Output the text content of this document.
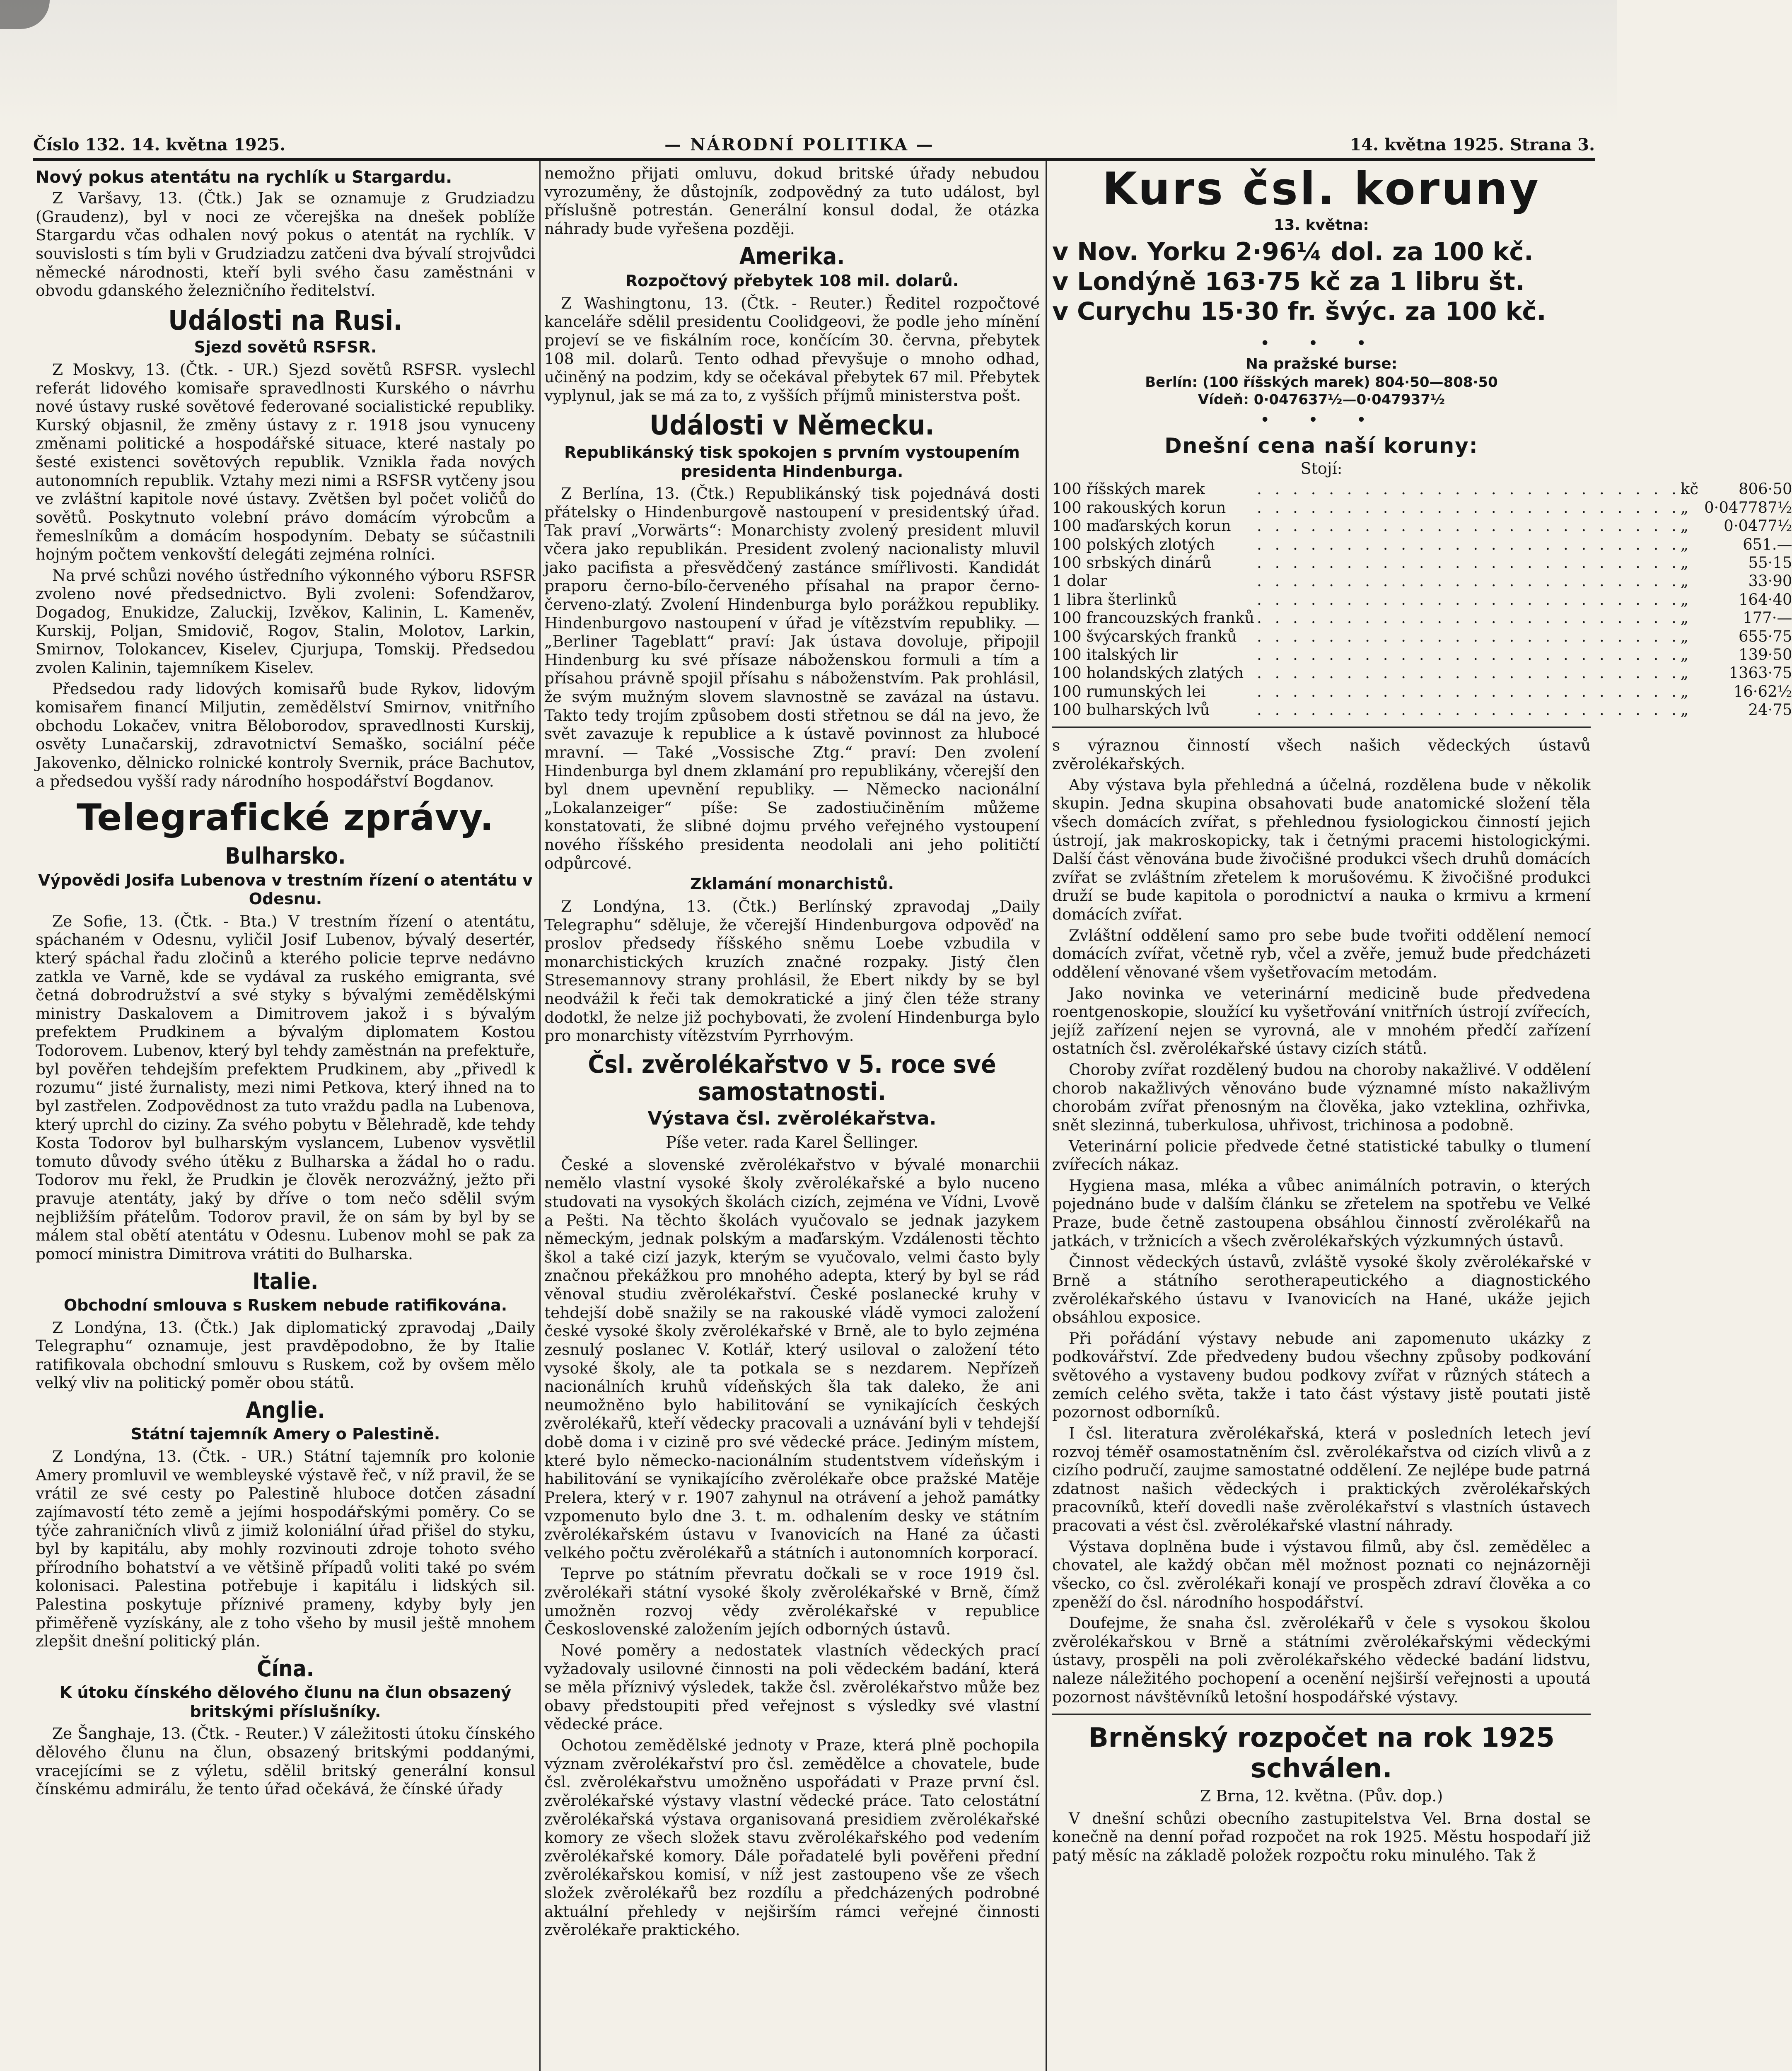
Číslo 132. 14. května 1925.	— NÁRODNÍ POLITIKA —	14. května 1925. Strana 3.
Nový pokus atentátu na rychlík u Stargardu.

Z Varšavy, 13. (Čtk.) Jak se oznamuje z Grudziadzu (Graudenz), byl v noci ze včerejška na dnešek poblíže Stargardu včas odhalen nový pokus o atentát na rychlík. V souvislosti s tím byli v Grudziadzu zatčeni dva bývalí strojvůdci německé národnosti, kteří byli svého času zaměstnáni v obvodu gdanského železničního ředitelství.

Události na Rusi.
Sjezd sovětů RSFSR.

Z Moskvy, 13. (Čtk. - UR.) Sjezd sovětů RSFSR. vyslechl referát lidového komisaře spravedlnosti Kurského o návrhu nové ústavy ruské sovětové federované socialistické republiky. Kurský objasnil, že změny ústavy z r. 1918 jsou vynuceny změnami politické a hospodářské situace, které nastaly po šesté existenci sovětových republik. Vznikla řada nových autonomních republik. Vztahy mezi nimi a RSFSR vytčeny jsou ve zvláštní kapitole nové ústavy. Zvětšen byl počet voličů do sovětů. Poskytnuto volební právo domácím výrobcům a řemeslníkům a domácím hospodyním. Debaty se súčastnili hojným počtem venkovští delegáti zejména rolníci.

Na prvé schůzi nového ústředního výkonného výboru RSFSR zvoleno nové předsednictvo. Byli zvoleni: Sofendžarov, Dogadog, Enukidze, Zaluckij, Izvěkov, Kalinin, L. Kameněv, Kurskij, Poljan, Smidovič, Rogov, Stalin, Molotov, Larkin, Smirnov, Tolokancev, Kiselev, Cjurjupa, Tomskij. Předsedou zvolen Kalinin, tajemníkem Kiselev.

Předsedou rady lidových komisařů bude Rykov, lidovým komisařem financí Miljutin, zemědělství Smirnov, vnitřního obchodu Lokačev, vnitra Běloborodov, spravedlnosti Kurskij, osvěty Lunačarskij, zdravotnictví Semaško, sociální péče Jakovenko, dělnicko rolnické kontroly Svernik, práce Bachutov, a předsedou vyšší rady národního hospodářství Bogdanov.

Telegrafické zprávy.
Bulharsko.
Výpovědi Josifa Lubenova v trestním řízení o atentátu v Odesnu.

Ze Sofie, 13. (Čtk. - Bta.) V trestním řízení o atentátu, spáchaném v Odesnu, vyličil Josif Lubenov, bývalý desertér, který spáchal řadu zločinů a kterého policie teprve nedávno zatkla ve Varně, kde se vydával za ruského emigranta, své četná dobrodružství a své styky s bývalými zemědělskými ministry Daskalovem a Dimitrovem jakož i s bývalým prefektem Prudkinem a bývalým diplomatem Kostou Todorovem. Lubenov, který byl tehdy zaměstnán na prefektuře, byl pověřen tehdejším prefektem Prudkinem, aby „přivedl k rozumu“ jisté žurnalisty, mezi nimi Petkova, který ihned na to byl zastřelen. Zodpovědnost za tuto vraždu padla na Lubenova, který uprchl do ciziny. Za svého pobytu v Bělehradě, kde tehdy Kosta Todorov byl bulharským vyslancem, Lubenov vysvětlil tomuto důvody svého útěku z Bulharska a žádal ho o radu. Todorov mu řekl, že Prudkin je člověk nerozvážný, ježto při pravuje atentáty, jaký by dříve o tom nečo sdělil svým nejbližším přátelům. Todorov pravil, že on sám by byl by se málem stal obětí atentátu v Odesnu. Lubenov mohl se pak za pomocí ministra Dimitrova vrátiti do Bulharska.

Italie.
Obchodní smlouva s Ruskem nebude ratifikována.

Z Londýna, 13. (Čtk.) Jak diplomatický zpravodaj „Daily Telegraphu“ oznamuje, jest pravděpodobno, že by Italie ratifikovala obchodní smlouvu s Ruskem, což by ovšem mělo velký vliv na politický poměr obou států.

Anglie.
Státní tajemník Amery o Palestině.

Z Londýna, 13. (Čtk. - UR.) Státní tajemník pro kolonie Amery promluvil ve wembleyské výstavě řeč, v níž pravil, že se vrátil ze své cesty po Palestině hluboce dotčen zásadní zajímavostí této země a jejími hospodářskými poměry. Co se týče zahraničních vlivů z jimiž koloniální úřad přišel do styku, byl by kapitálu, aby mohly rozvinouti zdroje tohoto svého přírodního bohatství a ve většině případů voliti také po svém kolonisaci. Palestina potřebuje i kapitálu i lidských sil. Palestina poskytuje příznivé prameny, kdyby byly jen přiměřeně vyzískány, ale z toho všeho by musil ještě mnohem zlepšit dnešní politický plán.

Čína.
K útoku čínského dělového člunu na člun obsazený britskými příslušníky.

Ze Šanghaje, 13. (Čtk. - Reuter.) V záležitosti útoku čínského dělového člunu na člun, obsazený britskými poddanými, vracejícími se z výletu, sdělil britský generální konsul čínskému admirálu, že tento úřad očekává, že čínské úřady

nemožno přijati omluvu, dokud britské úřady nebudou vyrozuměny, že důstojník, zodpovědný za tuto událost, byl příslušně potrestán. Generální konsul dodal, že otázka náhrady bude vyřešena později.

Amerika.
Rozpočtový přebytek 108 mil. dolarů.

Z Washingtonu, 13. (Čtk. - Reuter.) Ředitel rozpočtové kanceláře sdělil presidentu Coolidgeovi, že podle jeho mínění projeví se ve fiskálním roce, končícím 30. června, přebytek 108 mil. dolarů. Tento odhad převyšuje o mnoho odhad, učiněný na podzim, kdy se očekával přebytek 67 mil. Přebytek vyplynul, jak se má za to, z vyšších příjmů ministerstva pošt.

Události v Německu.
Republikánský tisk spokojen s prvním vystoupením presidenta Hindenburga.

Z Berlína, 13. (Čtk.) Republikánský tisk pojednává dosti přátelsky o Hindenburgově nastoupení v presidentský úřad. Tak praví „Vorwärts“: Monarchisty zvolený president mluvil včera jako republikán. President zvolený nacionalisty mluvil jako pacifista a přesvědčený zastánce smířlivosti. Kandidát praporu černo-bílo-červeného přísahal na prapor černo-červeno-zlatý. Zvolení Hindenburga bylo porážkou republiky. Hindenburgovo nastoupení v úřad je vítězstvím republiky. — „Berliner Tageblatt“ praví: Jak ústava dovoluje, připojil Hindenburg ku své přísaze náboženskou formuli a tím a přísahou právně spojil přísahu s náboženstvím. Pak prohlásil, že svým mužným slovem slavnostně se zavázal na ústavu. Takto tedy trojím způsobem dosti střetnou se dál na jevo, že svět zavazuje k republice a k ústavě povinnost za hlubocé mravní. — Také „Vossische Ztg.“ praví: Den zvolení Hindenburga byl dnem zklamání pro republikány, včerejší den byl dnem upevnění republiky. — Německo nacionální „Lokalanzeiger“ píše: Se zadostiučiněním můžeme konstatovati, že slibné dojmu prvého veřejného vystoupení nového říšského presidenta neodolali ani jeho političtí odpůrcové.

Zklamání monarchistů.

Z Londýna, 13. (Čtk.) Berlínský zpravodaj „Daily Telegraphu“ sděluje, že včerejší Hindenburgova odpověď na proslov předsedy říšského sněmu Loebe vzbudila v monarchistických kruzích značné rozpaky. Jistý člen Stresemannovy strany prohlásil, že Ebert nikdy by se byl neodvážil k řeči tak demokratické a jiný člen téže strany dodotkl, že nelze již pochybovati, že zvolení Hindenburga bylo pro monarchisty vítězstvím Pyrrhovým.

Čsl. zvěrolékařstvo v 5. roce své samostatnosti.
Výstava čsl. zvěrolékařstva.
Píše veter. rada Karel Šellinger.

České a slovenské zvěrolékařstvo v bývalé monarchii nemělo vlastní vysoké školy zvěrolékařské a bylo nuceno studovati na vysokých školách cizích, zejména ve Vídni, Lvově a Pešti. Na těchto školách vyučovalo se jednak jazykem německým, jednak polským a maďarským. Vzdálenosti těchto škol a také cizí jazyk, kterým se vyučovalo, velmi často byly značnou překážkou pro mnohého adepta, který by byl se rád věnoval studiu zvěrolékařství. České poslanecké kruhy v tehdejší době snažily se na rakouské vládě vymoci založení české vysoké školy zvěrolékařské v Brně, ale to bylo zejména zesnulý poslanec V. Kotlář, který usiloval o založení této vysoké školy, ale ta potkala se s nezdarem. Nepřízeň nacionálních kruhů vídeňských šla tak daleko, že ani neumožněno bylo habilitování se vynikajících českých zvěrolékařů, kteří vědecky pracovali a uznávání byli v tehdejší době doma i v cizině pro své vědecké práce. Jediným místem, které bylo německo-nacionálním studentstvem vídeňským i habilitování se vynikajícího zvěrolékaře obce pražské Matěje Prelera, který v r. 1907 zahynul na otrávení a jehož památky vzpomenuto bylo dne 3. t. m. odhalením desky ve státním zvěrolékařském ústavu v Ivanovicích na Hané za účasti velkého počtu zvěrolékařů a státních i autonomních korporací.

Teprve po státním převratu dočkali se v roce 1919 čsl. zvěrolékaři státní vysoké školy zvěrolékařské v Brně, čímž umožněn rozvoj vědy zvěrolékařské v republice Československé založením jejích odborných ústavů.

Nové poměry a nedostatek vlastních vědeckých prací vyžadovaly usilovné činnosti na poli vědeckém badání, která se měla příznivý výsledek, takže čsl. zvěrolékařstvo může bez obavy předstoupiti před veřejnost s výsledky své vlastní vědecké práce.

Ochotou zemědělské jednoty v Praze, která plně pochopila význam zvěrolékařství pro čsl. zemědělce a chovatele, bude čsl. zvěrolékařstvu umožněno uspořádati v Praze první čsl. zvěrolékařské výstavy vlastní vědecké práce. Tato celostátní zvěrolékařská výstava organisovaná presidiem zvěrolékařské komory ze všech složek stavu zvěrolékařského pod vedením zvěrolékařské komory. Dále pořadatelé byli pověřeni přední zvěrolékařskou komisí, v níž jest zastoupeno vše ze všech složek zvěrolékařů bez rozdílu a předcházených podrobné aktuální přehledy v nejširším rámci veřejné činnosti zvěrolékaře praktického.

Kurs čsl. koruny
13. května:
v Nov. Yorku 2·96¼ dol. za 100 kč.
v Londýně 163·75 kč za 1 libru št.
v Curychu 15·30 fr. švýc. za 100 kč.
• • •
Na pražské burse:
Berlín: (100 říšských marek) 804·50—808·50
Vídeň: 0·047637½—0·047937½
• • •
Dnešní cena naší koruny:
Stojí:
100 říšských marek	. . . . . . . . . . . . . . . . . . . . . . . .	kč	806·50
100 rakouských korun	. . . . . . . . . . . . . . . . . . . . . . . .	„	0·047787½
100 maďarských korun	. . . . . . . . . . . . . . . . . . . . . . . .	„	0·0477½
100 polských zlotých	. . . . . . . . . . . . . . . . . . . . . . . .	„	651.—
100 srbských dinárů	. . . . . . . . . . . . . . . . . . . . . . . .	„	55·15
1 dolar	. . . . . . . . . . . . . . . . . . . . . . . .	„	33·90
1 libra šterlinků	. . . . . . . . . . . . . . . . . . . . . . . .	„	164·40
100 francouzských franků	. . . . . . . . . . . . . . . . . . . . . . . .	„	177·—
100 švýcarských franků	. . . . . . . . . . . . . . . . . . . . . . . .	„	655·75
100 italských lir	. . . . . . . . . . . . . . . . . . . . . . . .	„	139·50
100 holandských zlatých	. . . . . . . . . . . . . . . . . . . . . . . .	„	1363·75
100 rumunských lei	. . . . . . . . . . . . . . . . . . . . . . . .	„	16·62½
100 bulharských lvů	. . . . . . . . . . . . . . . . . . . . . . . .	„	24·75

s výraznou činností všech našich vědeckých ústavů zvěrolékařských.

Aby výstava byla přehledná a účelná, rozdělena bude v několik skupin. Jedna skupina obsahovati bude anatomické složení těla všech domácích zvířat, s přehlednou fysiologickou činností jejich ústrojí, jak makroskopicky, tak i četnými pracemi histologickými. Další část věnována bude živočišné produkci všech druhů domácích zvířat se zvláštním zřetelem k morušovému. K živočišné produkci druží se bude kapitola o porodnictví a nauka o krmivu a krmení domácích zvířat.

Zvláštní oddělení samo pro sebe bude tvořiti oddělení nemocí domácích zvířat, včetně ryb, včel a zvěře, jemuž bude předcházeti oddělení věnované všem vyšetřovacím metodám.

Jako novinka ve veterinární medicině bude předvedena roentgenoskopie, sloužící ku vyšetřování vnitřních ústrojí zvířecích, jejíž zařízení nejen se vyrovná, ale v mnohém předčí zařízení ostatních čsl. zvěrolékařské ústavy cizích států.

Choroby zvířat rozdělený budou na choroby nakažlivé. V oddělení chorob nakažlivých věnováno bude významné místo nakažlivým chorobám zvířat přenosným na člověka, jako vzteklina, ozhřivka, snět slezinná, tuberkulosa, uhřivost, trichinosa a podobně.

Veterinární policie předvede četné statistické tabulky o tlumení zvířecích nákaz.

Hygiena masa, mléka a vůbec animálních potravin, o kterých pojednáno bude v dalším článku se zřetelem na spotřebu ve Velké Praze, bude četně zastoupena obsáhlou činností zvěrolékařů na jatkách, v tržnicích a všech zvěrolékařských výzkumných ústavů.

Činnost vědeckých ústavů, zvláště vysoké školy zvěrolékařské v Brně a státního serotherapeutického a diagnostického zvěrolékařského ústavu v Ivanovicích na Hané, ukáže jejich obsáhlou exposice.

Při pořádání výstavy nebude ani zapomenuto ukázky z podkovářství. Zde předvedeny budou všechny způsoby podkování světového a vystaveny budou podkovy zvířat v různých státech a zemích celého světa, takže i tato část výstavy jistě poutati jistě pozornost odborníků.

I čsl. literatura zvěrolékařská, která v posledních letech jeví rozvoj téměř osamostatněním čsl. zvěrolékařstva od cizích vlivů a z cizího područí, zaujme samostatné oddělení. Ze nejlépe bude patrná zdatnost našich vědeckých i praktických zvěrolékařských pracovníků, kteří dovedli naše zvěrolékařství s vlastních ústavech pracovati a vést čsl. zvěrolékařské vlastní náhrady.

Výstava doplněna bude i výstavou filmů, aby čsl. zemědělec a chovatel, ale každý občan měl možnost poznati co nejnázorněji všecko, co čsl. zvěrolékaři konají ve prospěch zdraví člověka a co zpeněží do čsl. národního hospodářství.

Doufejme, že snaha čsl. zvěrolékařů v čele s vysokou školou zvěrolékařskou v Brně a státními zvěrolékařskými vědeckými ústavy, prospěli na poli zvěrolékařského vědecké badání lidstvu, naleze náležitého pochopení a ocenění nejširší veřejnosti a upoutá pozornost návštěvníků letošní hospodářské výstavy.

Brněnský rozpočet na rok 1925 schválen.
Z Brna, 12. května. (Pův. dop.)

V dnešní schůzi obecního zastupitelstva Vel. Brna dostal se konečně na denní pořad rozpočet na rok 1925. Městu hospodaří již patý měsíc na základě položek rozpočtu roku minulého. Tak ž
